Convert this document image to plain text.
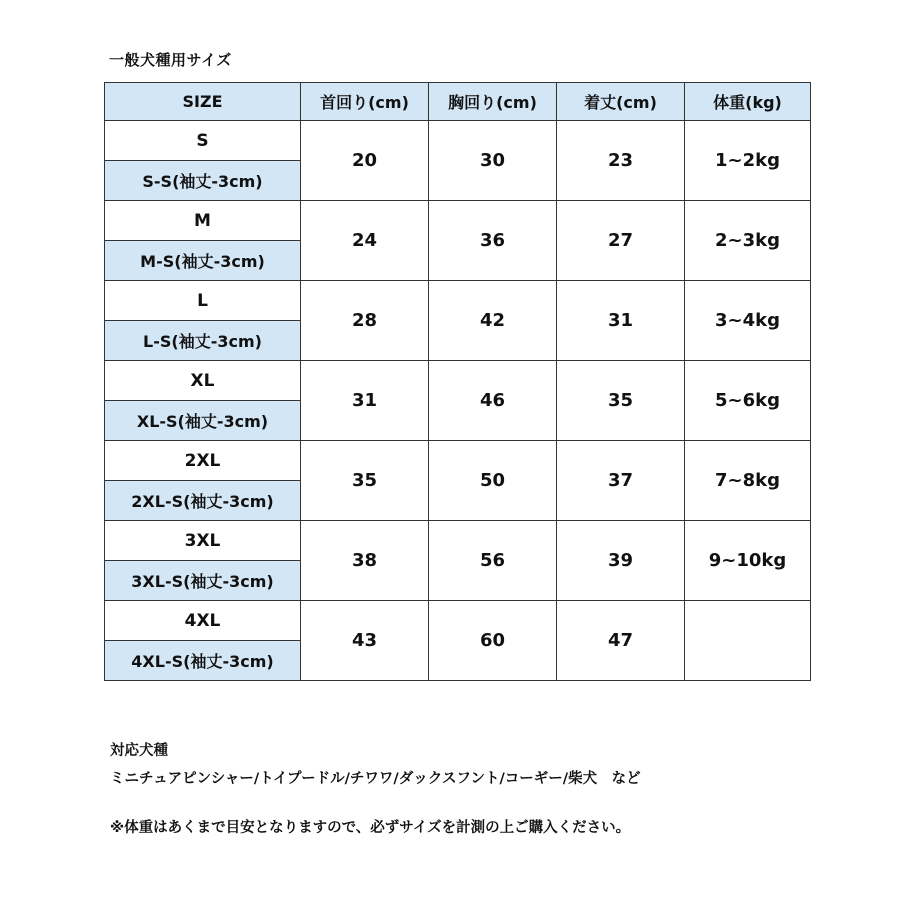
一般犬種用サイズ
SIZE	首回り(cm)	胸回り(cm)	着丈(cm)	体重(kg)
S	20	30	23	1~2kg
S-S(袖丈-3cm)				
M	24	36	27	2~3kg
M-S(袖丈-3cm)				
L	28	42	31	3~4kg
L-S(袖丈-3cm)				
XL	31	46	35	5~6kg
XL-S(袖丈-3cm)				
2XL	35	50	37	7~8kg
2XL-S(袖丈-3cm)				
3XL	38	56	39	9~10kg
3XL-S(袖丈-3cm)				
4XL	43	60	47	
4XL-S(袖丈-3cm)				
対応犬種
ミニチュアピンシャー/トイプードル/チワワ/ダックスフント/コーギー/柴犬　など
※体重はあくまで目安となりますので、必ずサイズを計測の上ご購入ください。
